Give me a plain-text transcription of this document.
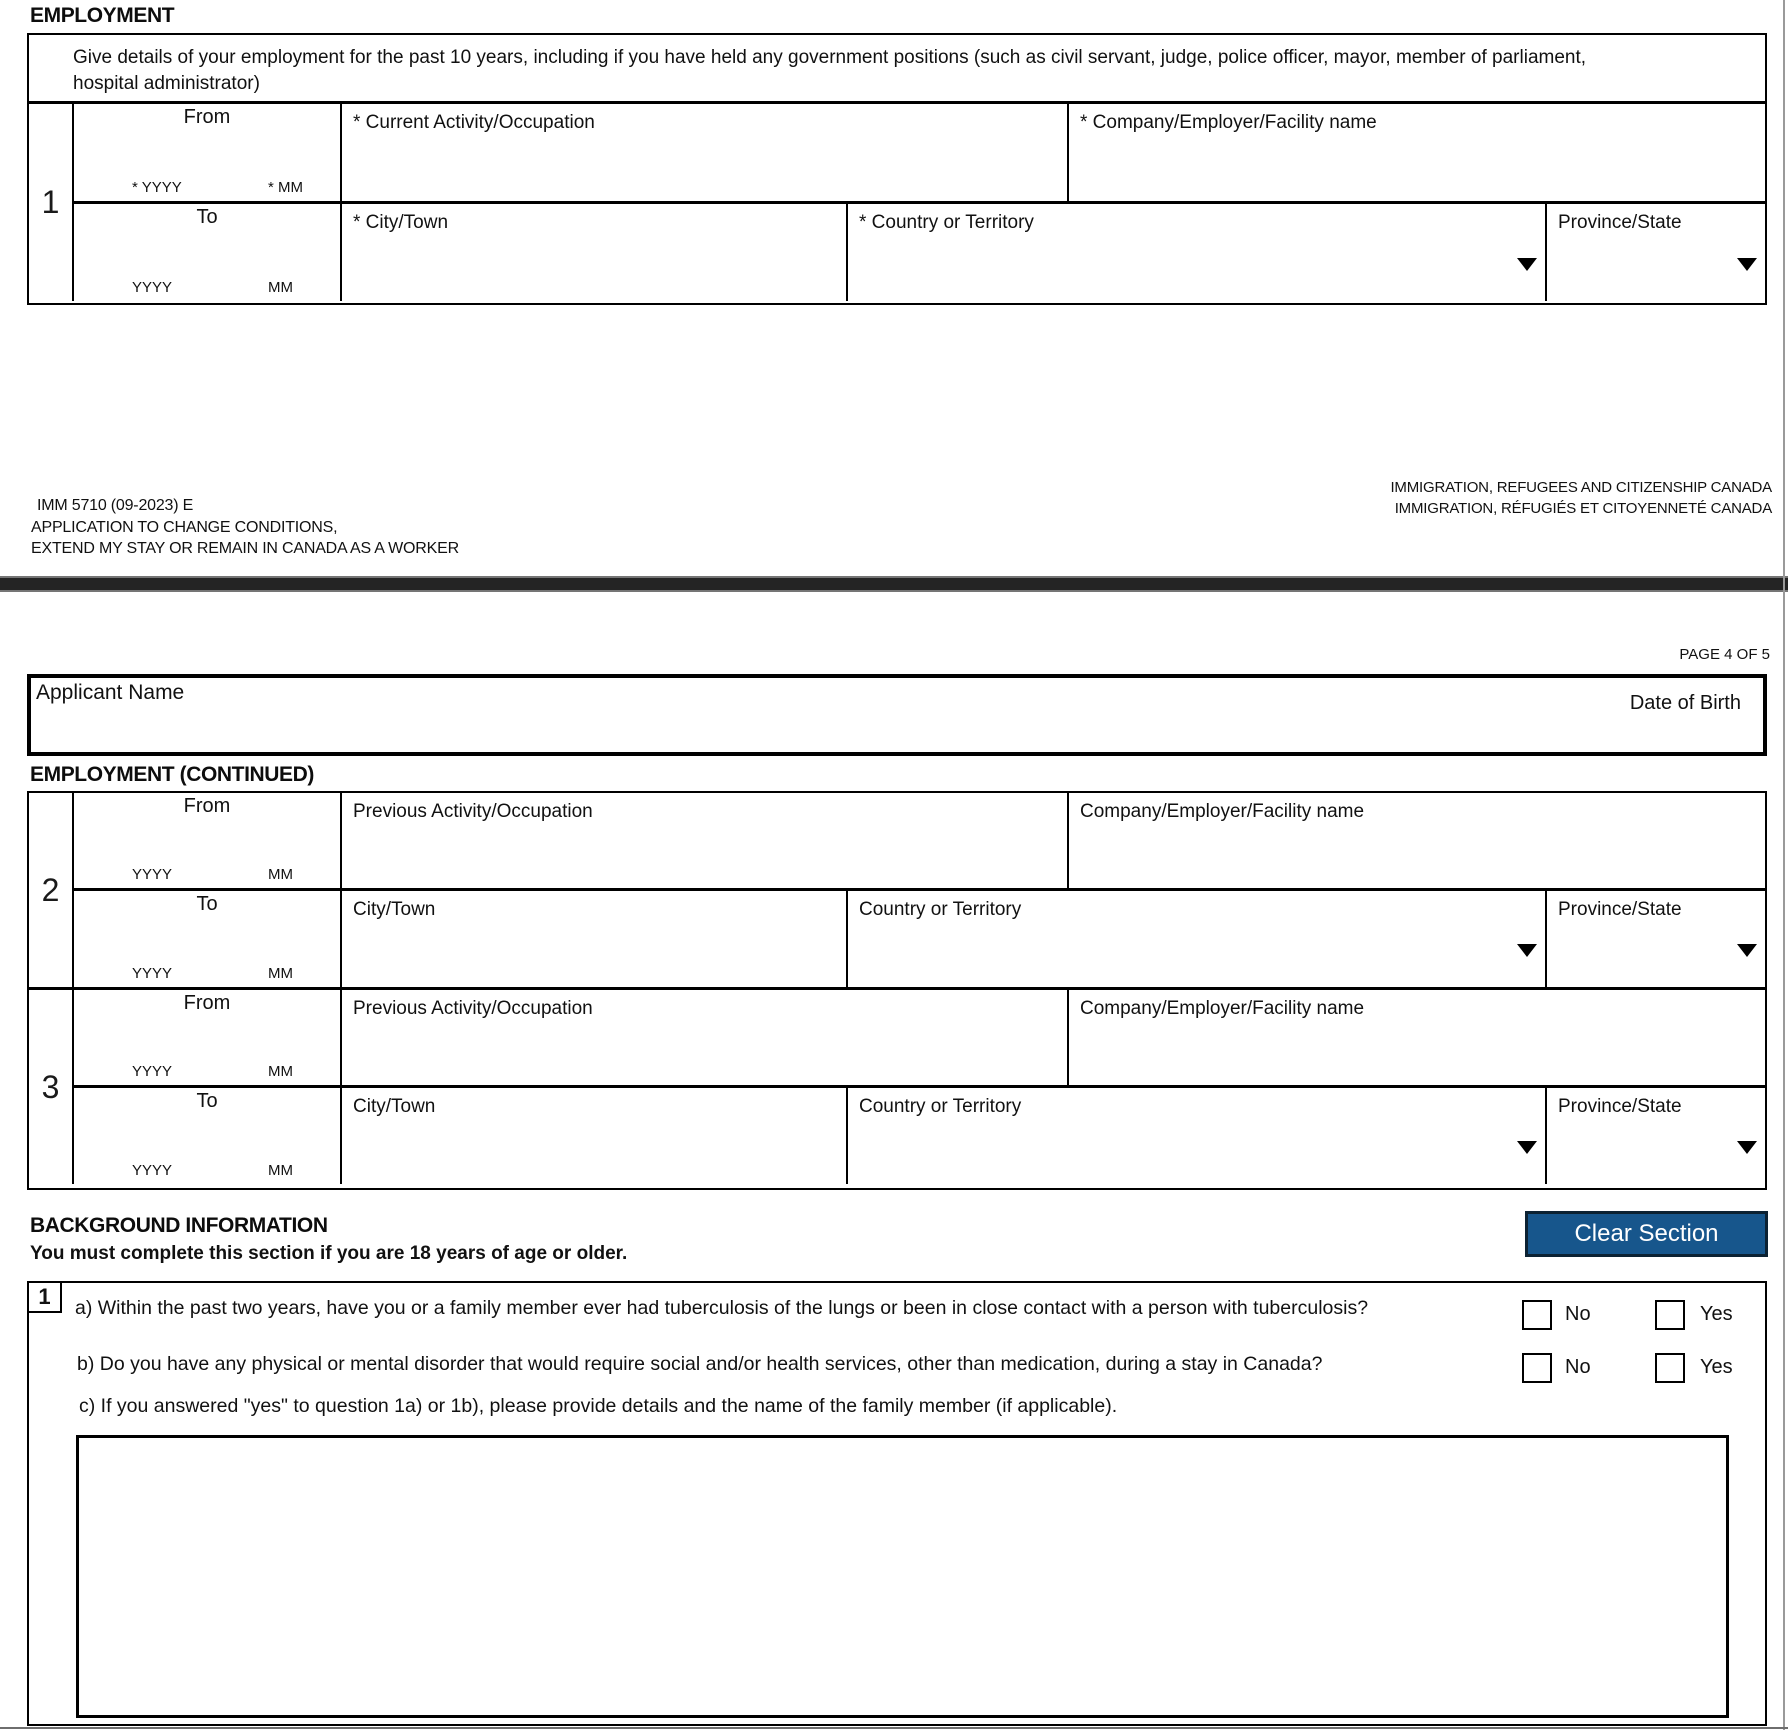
EMPLOYMENT
Give details of your employment for the past 10 years, including if you have held any government positions (such as civil servant, judge, police officer, mayor, member of parliament,
hospital administrator)
1
From
* YYYY	* MM
* Current Activity/Occupation	* Company/Employer/Facility name
To
YYYY	MM
* City/Town	* Country or Territory	Province/State
IMM 5710 (09-2023) E
APPLICATION TO CHANGE CONDITIONS,
EXTEND MY STAY OR REMAIN IN CANADA AS A WORKER
IMMIGRATION, REFUGEES AND CITIZENSHIP CANADA
IMMIGRATION, RÉFUGIÉS ET CITOYENNETÉ CANADA
PAGE 4 OF 5
Applicant Name	Date of Birth
EMPLOYMENT (CONTINUED)
2
From
YYYY	MM
Previous Activity/Occupation	Company/Employer/Facility name
To
YYYY	MM
City/Town	Country or Territory	Province/State
3
From
YYYY	MM
Previous Activity/Occupation	Company/Employer/Facility name
To
YYYY	MM
City/Town	Country or Territory	Province/State
BACKGROUND INFORMATION
You must complete this section if you are 18 years of age or older.
Clear Section
1	a) Within the past two years, have you or a family member ever had tuberculosis of the lungs or been in close contact with a person with tuberculosis?	No	Yes
b) Do you have any physical or mental disorder that would require social and/or health services, other than medication, during a stay in Canada?	No	Yes
c) If you answered "yes" to question 1a) or 1b), please provide details and the name of the family member (if applicable).
